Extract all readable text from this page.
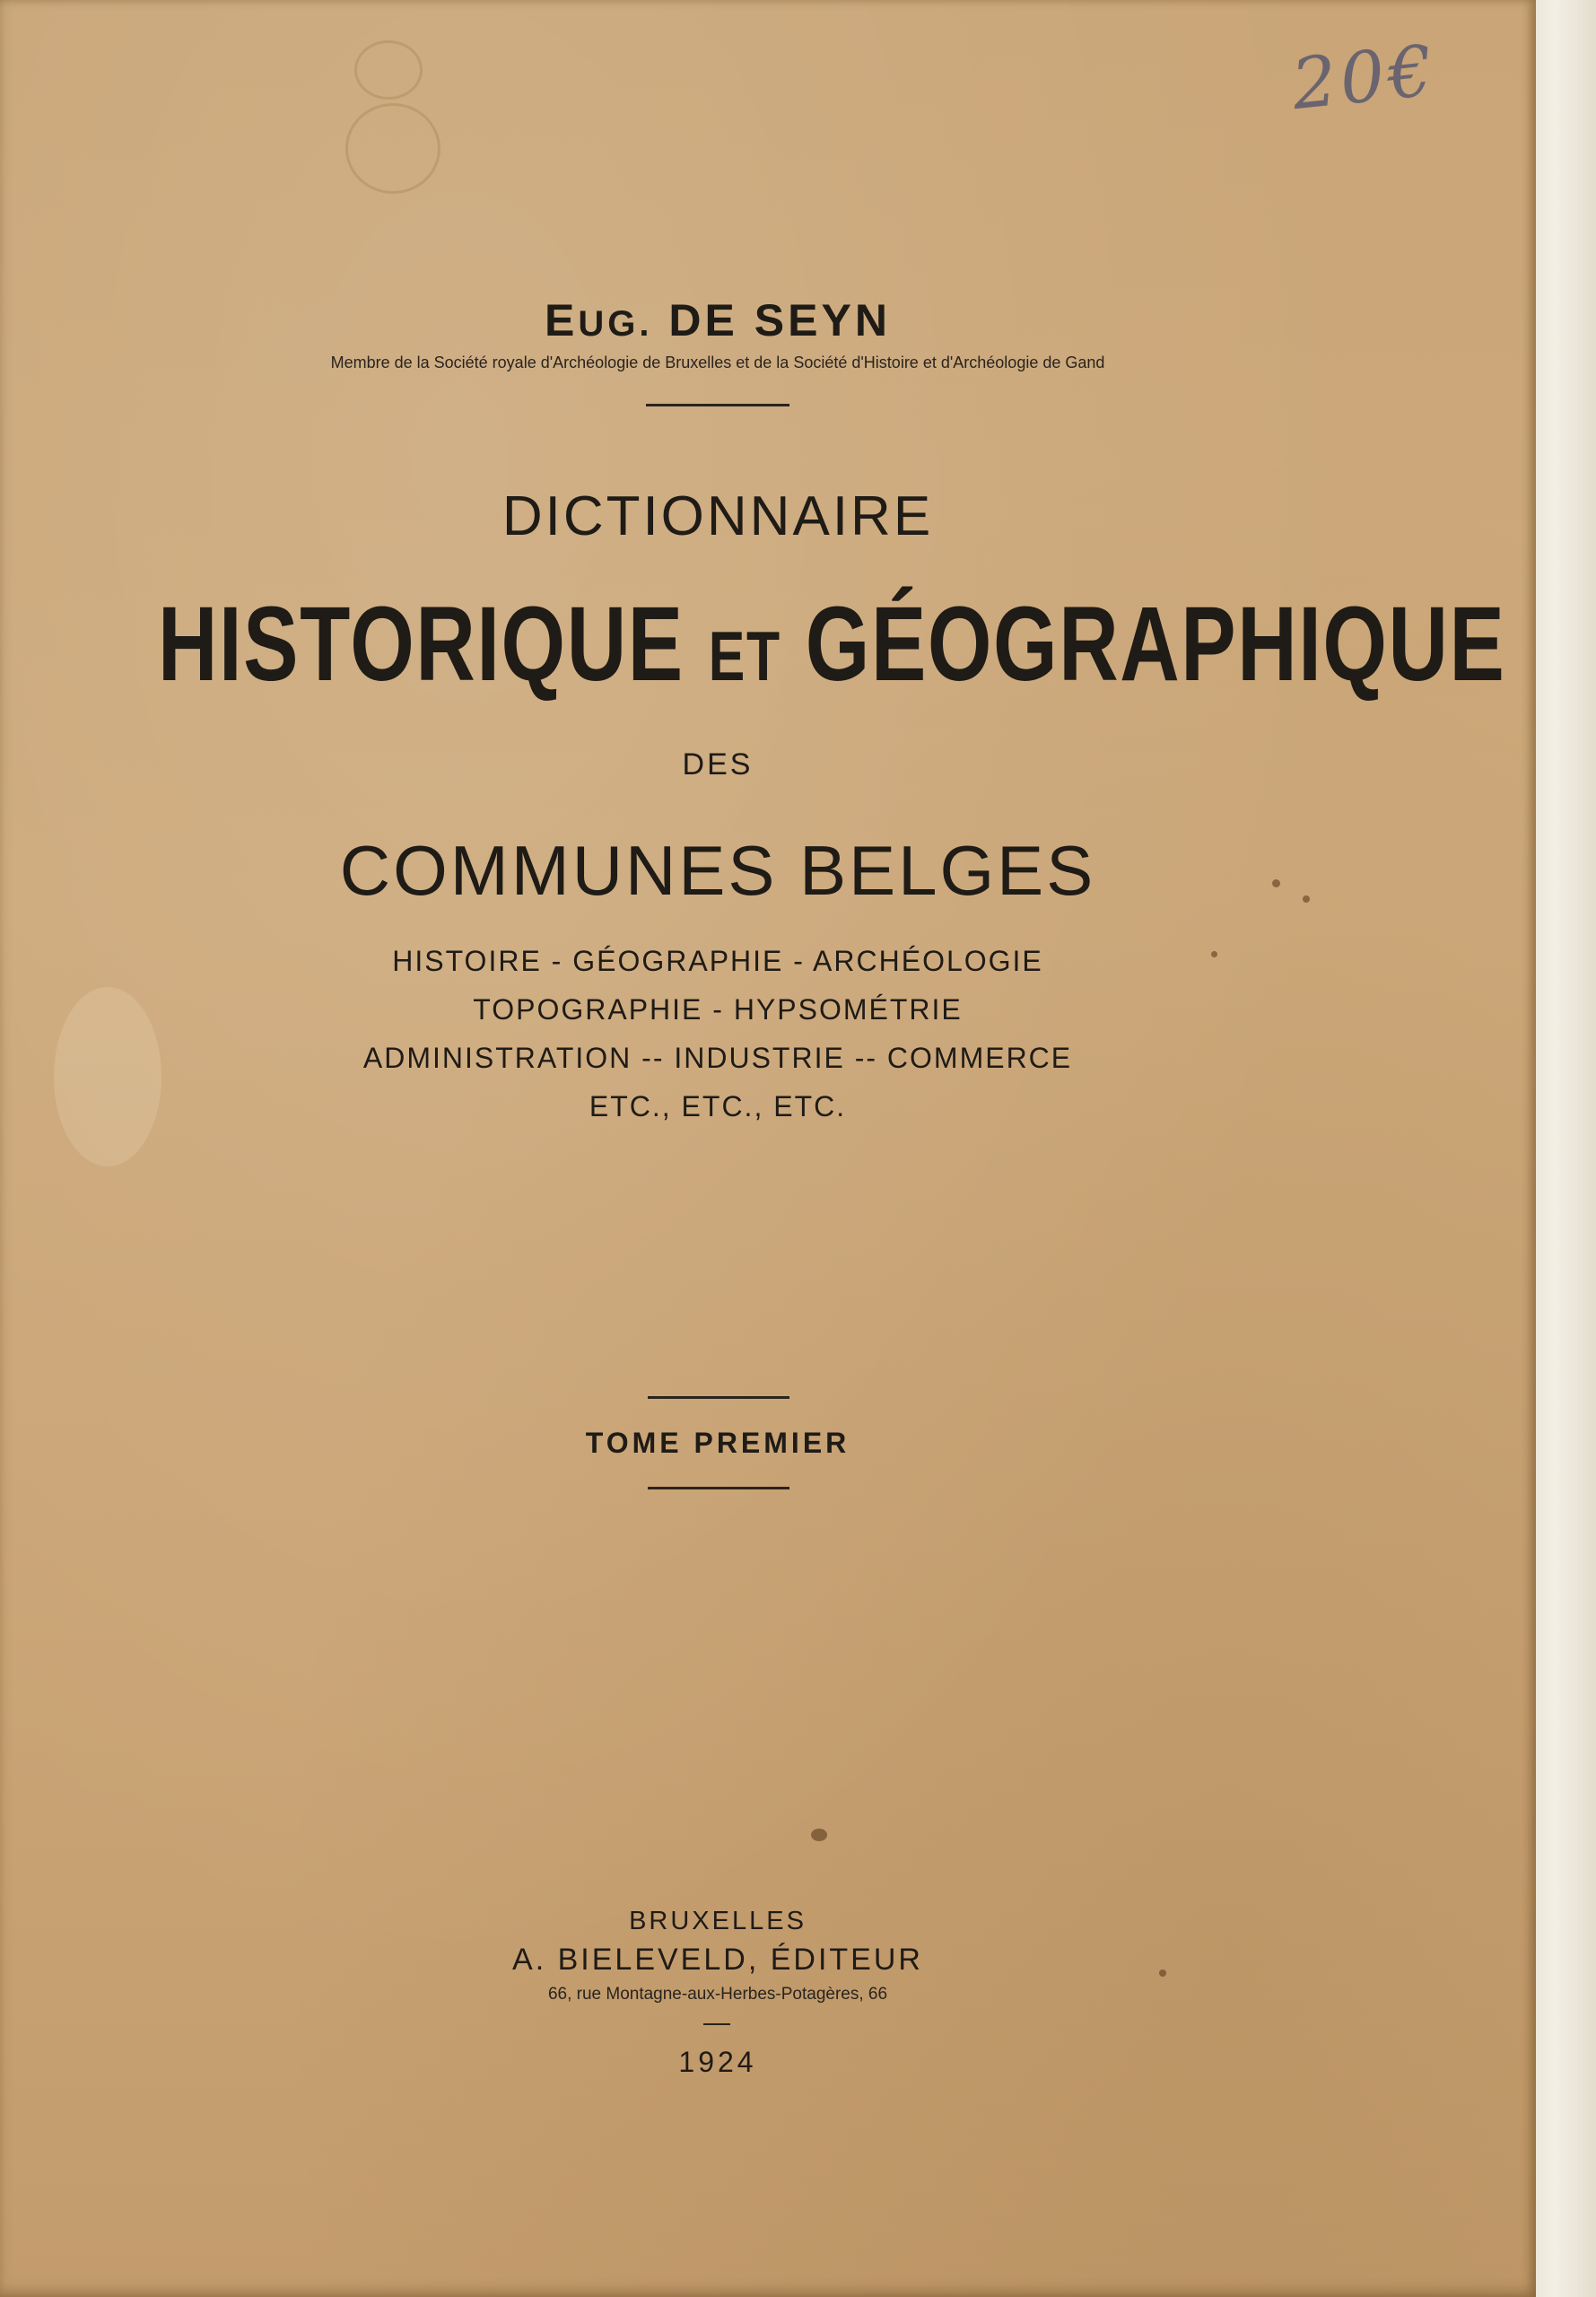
20€
EUG. DE SEYN
Membre de la Société royale d'Archéologie de Bruxelles et de la Société d'Histoire et d'Archéologie de Gand
DICTIONNAIRE
HISTORIQUE ET GÉOGRAPHIQUE
DES
COMMUNES BELGES
HISTOIRE - GÉOGRAPHIE - ARCHÉOLOGIE
TOPOGRAPHIE - HYPSOMÉTRIE
ADMINISTRATION -- INDUSTRIE -- COMMERCE
ETC., ETC., ETC.
TOME PREMIER
BRUXELLES
A. BIELEVELD, ÉDITEUR
66, rue Montagne-aux-Herbes-Potagères, 66
1924
